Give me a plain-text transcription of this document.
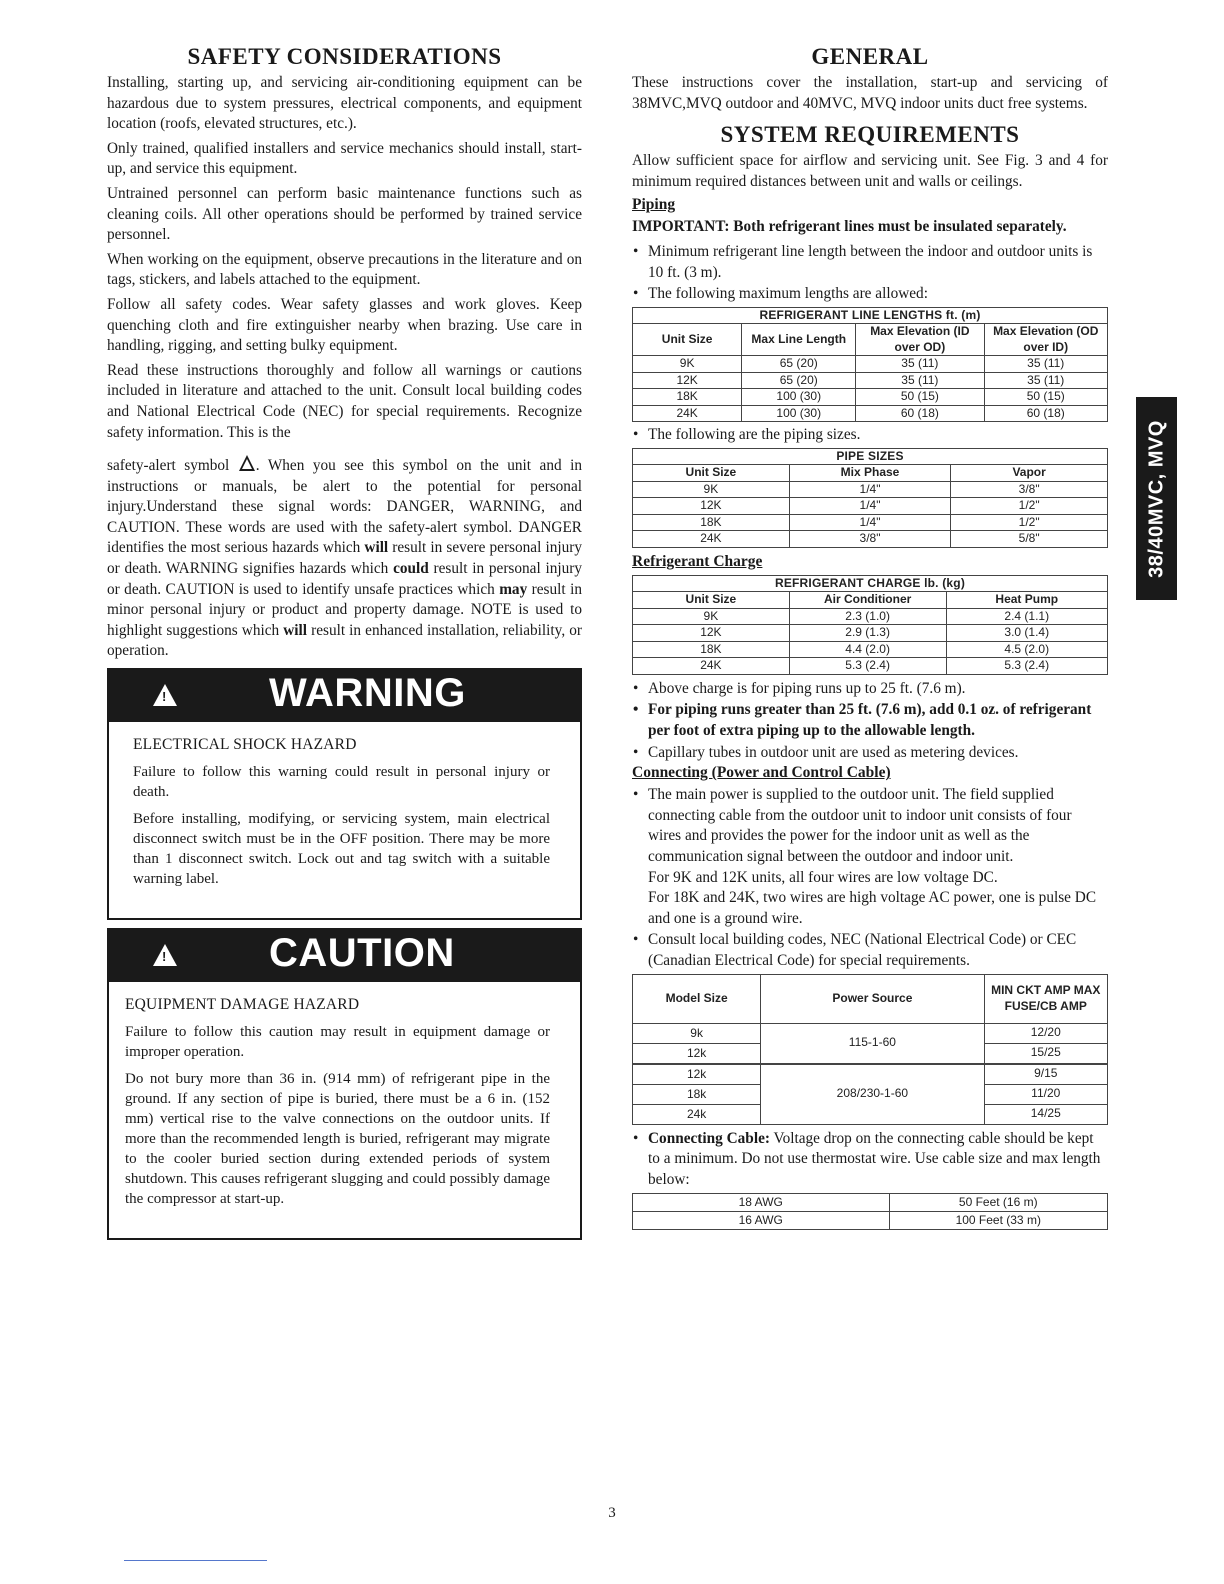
SAFETY CONSIDERATIONS

Installing, starting up, and servicing air-conditioning equipment can be hazardous due to system pressures, electrical components, and equipment location (roofs, elevated structures, etc.).

Only trained, qualified installers and service mechanics should install, start-up, and service this equipment.

Untrained personnel can perform basic maintenance functions such as cleaning coils. All other operations should be performed by trained service personnel.

When working on the equipment, observe precautions in the literature and on tags, stickers, and labels attached to the equipment.

Follow all safety codes. Wear safety glasses and work gloves. Keep quenching cloth and fire extinguisher nearby when brazing. Use care in handling, rigging, and setting bulky equipment.

Read these instructions thoroughly and follow all warnings or cautions included in literature and attached to the unit. Consult local building codes and National Electrical Code (NEC) for special requirements. Recognize safety information. This is the

safety-alert symbol . When you see this symbol on the unit and in instructions or manuals, be alert to the potential for personal injury.Understand these signal words: DANGER, WARNING, and CAUTION. These words are used with the safety-alert symbol. DANGER identifies the most serious hazards which will result in severe personal injury or death. WARNING signifies hazards which could result in personal injury or death. CAUTION is used to identify unsafe practices which may result in minor personal injury or product and property damage. NOTE is used to highlight suggestions which will result in enhanced installation, reliability, or operation.

!
WARNING
ELECTRICAL SHOCK HAZARD

Failure to follow this warning could result in personal injury or death.

Before installing, modifying, or servicing system, main electrical disconnect switch must be in the OFF position. There may be more than 1 disconnect switch. Lock out and tag switch with a suitable warning label.

!
CAUTION
EQUIPMENT DAMAGE HAZARD

Failure to follow this caution may result in equipment damage or improper operation.

Do not bury more than 36 in. (914 mm) of refrigerant pipe in the ground. If any section of pipe is buried, there must be a 6 in. (152 mm) vertical rise to the valve connections on the outdoor units. If more than the recommended length is buried, refrigerant may migrate to the cooler buried section during extended periods of system shutdown. This causes refrigerant slugging and could possibly damage the compressor at start-up.

GENERAL

These instructions cover the installation, start-up and servicing of 38MVC,MVQ outdoor and 40MVC, MVQ indoor units duct free systems.

SYSTEM REQUIREMENTS

Allow sufficient space for airflow and servicing unit. See Fig. 3 and 4 for minimum required distances between unit and walls or ceilings.

Piping

IMPORTANT: Both refrigerant lines must be insulated separately.

• Minimum refrigerant line length between the indoor and outdoor units is 10 ft. (3 m).
• The following maximum lengths are allowed:
REFRIGERANT LINE LENGTHS ft. (m)			
Unit Size	Max Line Length	Max Elevation (ID over OD)	Max Elevation (OD over ID)
9K	65 (20)	35 (11)	35 (11)
12K	65 (20)	35 (11)	35 (11)
18K	100 (30)	50 (15)	50 (15)
24K	100 (30)	60 (18)	60 (18)
• The following are the piping sizes.
PIPE SIZES		
Unit Size	Mix Phase	Vapor
9K	1/4"	3/8"
12K	1/4"	1/2"
18K	1/4"	1/2"
24K	3/8"	5/8"
Refrigerant Charge
REFRIGERANT CHARGE lb. (kg)		
Unit Size	Air Conditioner	Heat Pump
9K	2.3 (1.0)	2.4 (1.1)
12K	2.9 (1.3)	3.0 (1.4)
18K	4.4 (2.0)	4.5 (2.0)
24K	5.3 (2.4)	5.3 (2.4)
• Above charge is for piping runs up to 25 ft. (7.6 m).
• For piping runs greater than 25 ft. (7.6 m), add 0.1 oz. of refrigerant per foot of extra piping up to the allowable length.
• Capillary tubes in outdoor unit are used as metering devices.
Connecting (Power and Control Cable)
• The main power is supplied to the outdoor unit. The field supplied connecting cable from the outdoor unit to indoor unit consists of four wires and provides the power for the indoor unit as well as the communication signal between the outdoor and indoor unit.
For 9K and 12K units, all four wires are low voltage DC.
For 18K and 24K, two wires are high voltage AC power, one is pulse DC and one is a ground wire.
• Consult local building codes, NEC (National Electrical Code) or CEC (Canadian Electrical Code) for special requirements.
Model Size	Power Source	MIN CKT AMP MAX FUSE/CB AMP
9k	115-1-60	12/20
12k		15/25
12k	208/230-1-60	9/15
18k		11/20
24k		14/25
• Connecting Cable: Voltage drop on the connecting cable should be kept to a minimum. Do not use thermostat wire. Use cable size and max length below:
18 AWG	50 Feet (16 m)
16 AWG	100 Feet (33 m)
38/40MVC, MVQ
3
